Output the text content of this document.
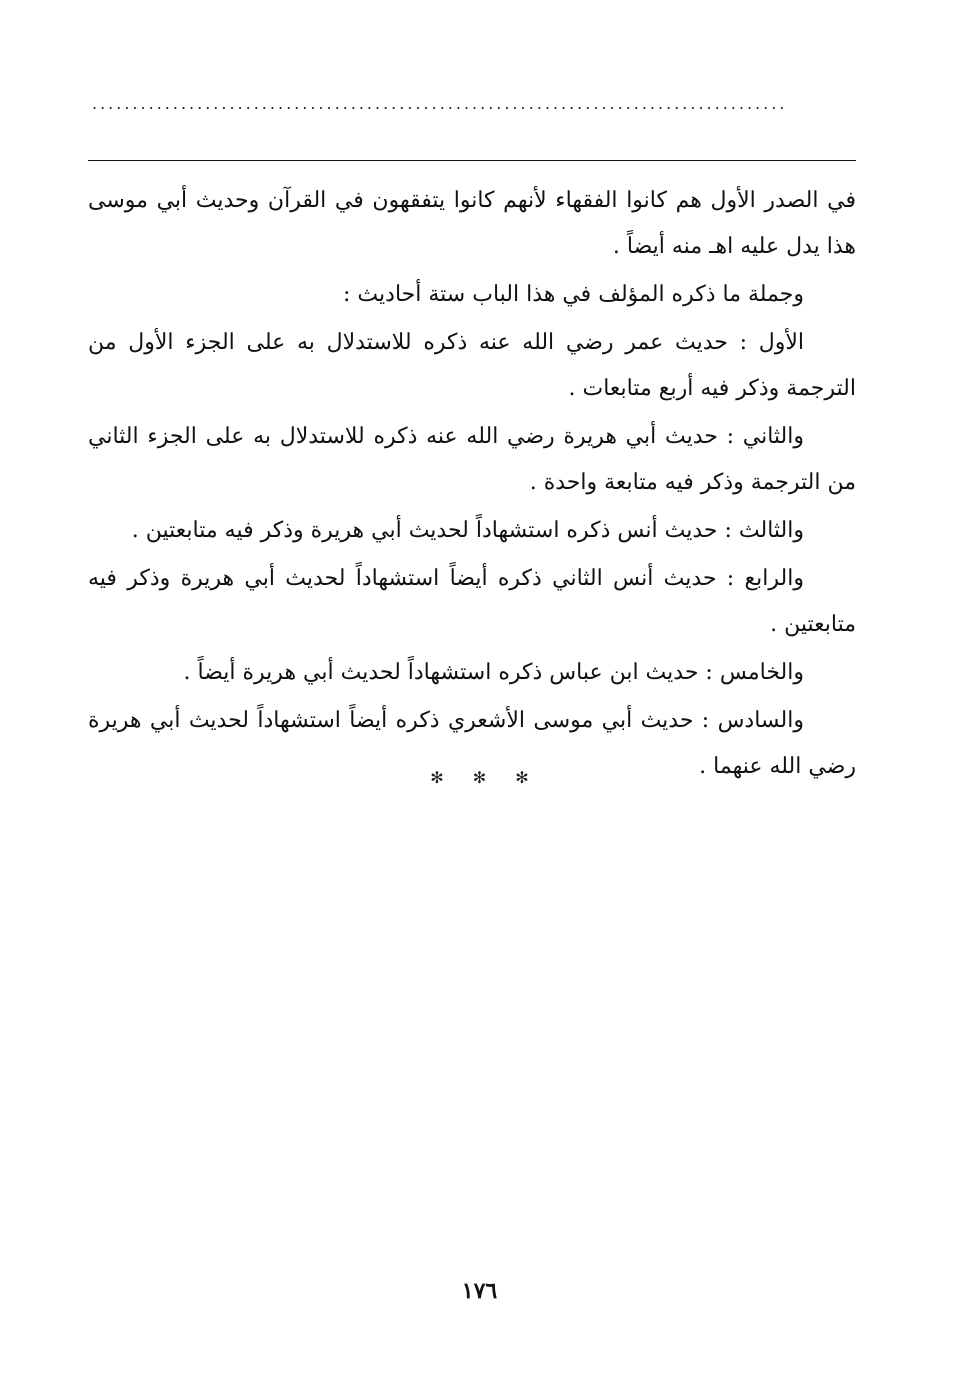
......................................................................................

في الصدر الأول هم كانوا الفقهاء لأنهم كانوا يتفقهون في القرآن وحديث أبي موسى هذا يدل عليه اهـ منه أيضاً .

وجملة ما ذكره المؤلف في هذا الباب ستة أحاديث :

الأول : حديث عمر رضي الله عنه ذكره للاستدلال به على الجزء الأول من الترجمة وذكر فيه أربع متابعات .

والثاني : حديث أبي هريرة رضي الله عنه ذكره للاستدلال به على الجزء الثاني من الترجمة وذكر فيه متابعة واحدة .

والثالث : حديث أنس ذكره استشهاداً لحديث أبي هريرة وذكر فيه متابعتين .

والرابع : حديث أنس الثاني ذكره أيضاً استشهاداً لحديث أبي هريرة وذكر فيه متابعتين .

والخامس : حديث ابن عباس ذكره استشهاداً لحديث أبي هريرة أيضاً .

والسادس : حديث أبي موسى الأشعري ذكره أيضاً استشهاداً لحديث أبي هريرة رضي الله عنهما .

✻ ✻ ✻
١٧٦
